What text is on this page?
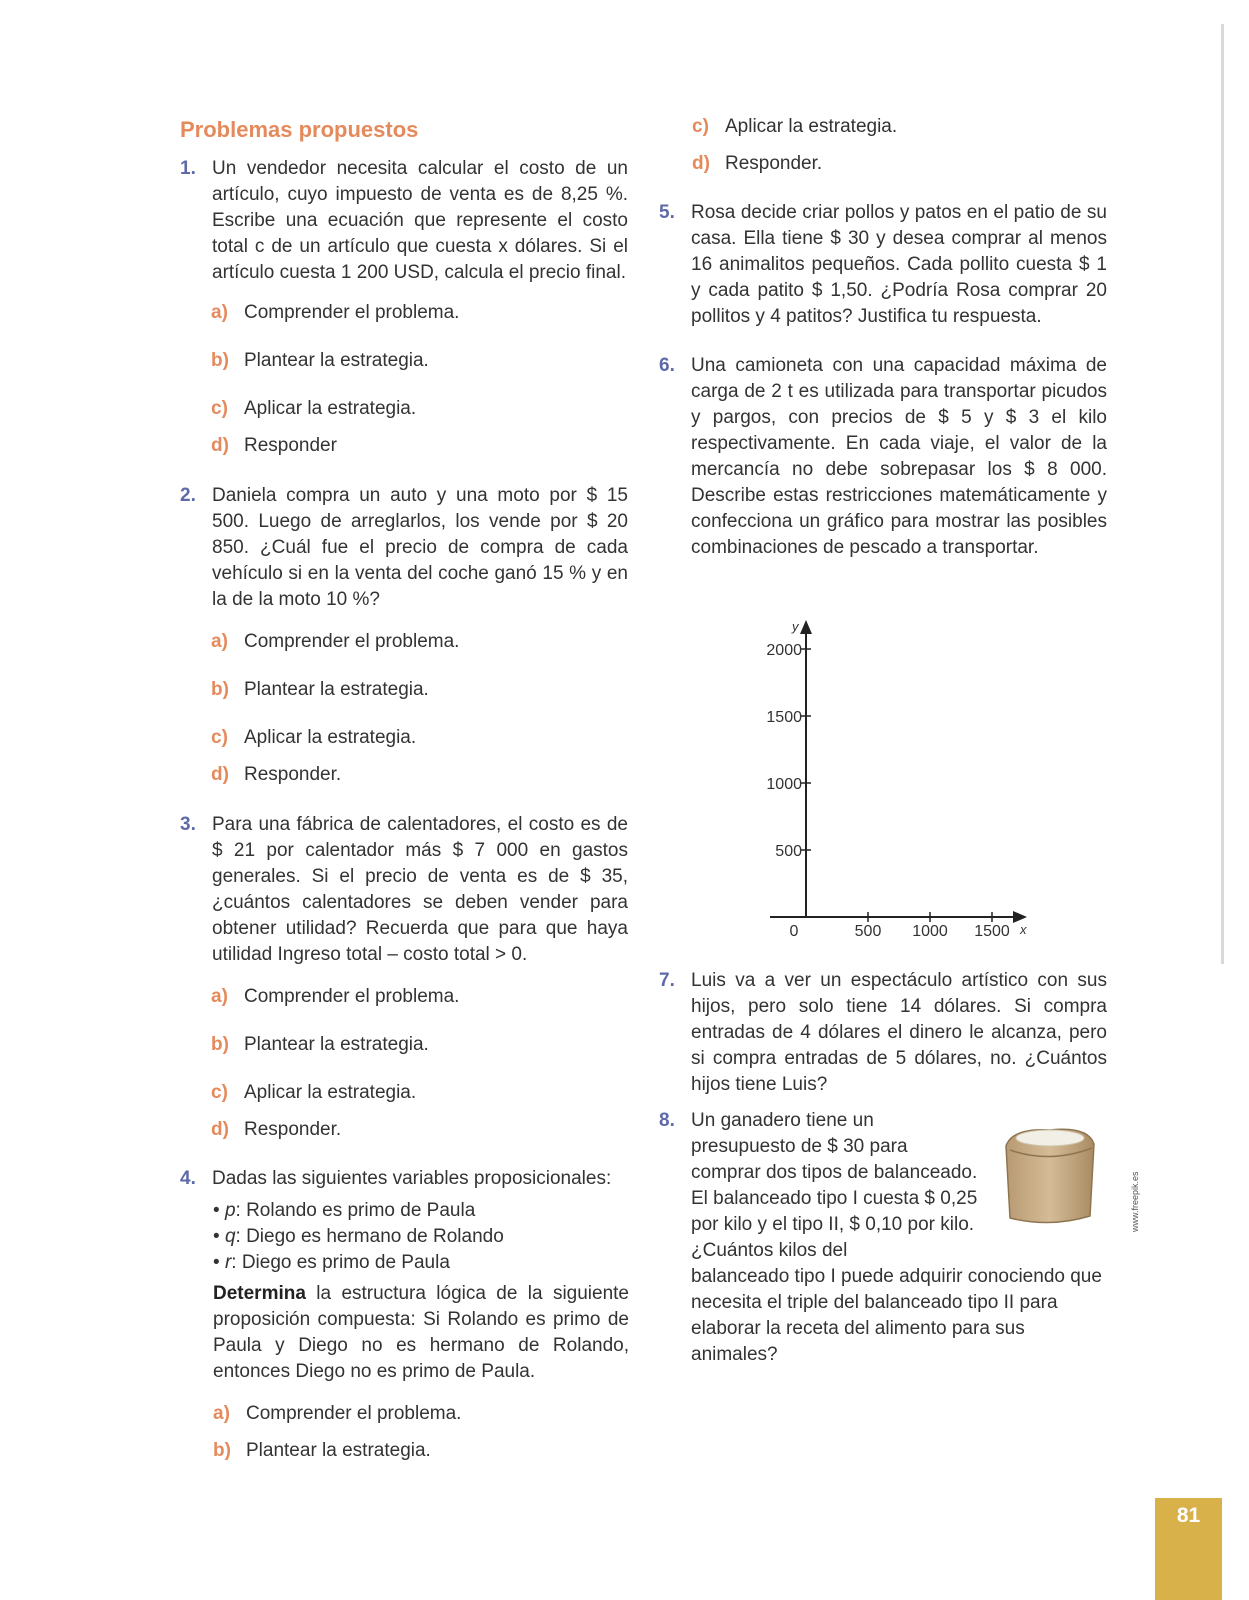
Problemas propuestos
1. Un vendedor necesita calcular el costo de un artículo, cuyo impuesto de venta es de 8,25 %. Escribe una ecuación que represente el costo total c de un artículo que cuesta x dólares. Si el artículo cuesta 1 200 USD, calcula el precio final.

a) Comprender el problema.
b) Plantear la estrategia.
c) Aplicar la estrategia.
d) Responder
2. Daniela compra un auto y una moto por $ 15 500. Luego de arreglarlos, los vende por $ 20 850. ¿Cuál fue el precio de compra de cada vehículo si en la venta del coche ganó 15 % y en la de la moto 10 %?

a) Comprender el problema.
b) Plantear la estrategia.
c) Aplicar la estrategia.
d) Responder.
3. Para una fábrica de calentadores, el costo es de $ 21 por calentador más $ 7 000 en gastos generales. Si el precio de venta es de $ 35, ¿cuántos calentadores se deben vender para obtener utilidad? Recuerda que para que haya utilidad Ingreso total – costo total > 0.

a) Comprender el problema.
b) Plantear la estrategia.
c) Aplicar la estrategia.
d) Responder.
4. Dadas las siguientes variables proposicionales:

• p: Rolando es primo de Paula
• q: Diego es hermano de Rolando
• r: Diego es primo de Paula

Determina la estructura lógica de la siguiente proposición compuesta: Si Rolando es primo de Paula y Diego no es hermano de Rolando, entonces Diego no es primo de Paula.

a) Comprender el problema.
b) Plantear la estrategia.
c) Aplicar la estrategia.
d) Responder.
5. Rosa decide criar pollos y patos en el patio de su casa. Ella tiene $ 30 y desea comprar al menos 16 animalitos pequeños. Cada pollito cuesta $ 1 y cada patito $ 1,50. ¿Podría Rosa comprar 20 pollitos y 4 patitos? Justifica tu respuesta.

6. Una camioneta con una capacidad máxima de carga de 2 t es utilizada para transportar picudos y pargos, con precios de $ 5 y $ 3 el kilo respectivamente. En cada viaje, el valor de la mercancía no debe sobrepasar los $ 8 000. Describe estas restricciones matemáticamente y confecciona un gráfico para mostrar las posibles combinaciones de pescado a transportar.

y
x
0	500 1000 1500
500
1000
1500
2000
7. Luis va a ver un espectáculo artístico con sus hijos, pero solo tiene 14 dólares. Si compra entradas de 4 dólares el dinero le alcanza, pero si compra entradas de 5 dólares, no. ¿Cuántos hijos tiene Luis?

8. Un ganadero tiene un presupuesto de $ 30 para comprar dos tipos de balanceado. El balanceado tipo I cuesta $ 0,25 por kilo y el tipo II, $ 0,10 por kilo. ¿Cuántos kilos del

balanceado tipo I puede adquirir conociendo que necesita el triple del balanceado tipo II para elaborar la receta del alimento para sus animales?

www.freepik.es
81
